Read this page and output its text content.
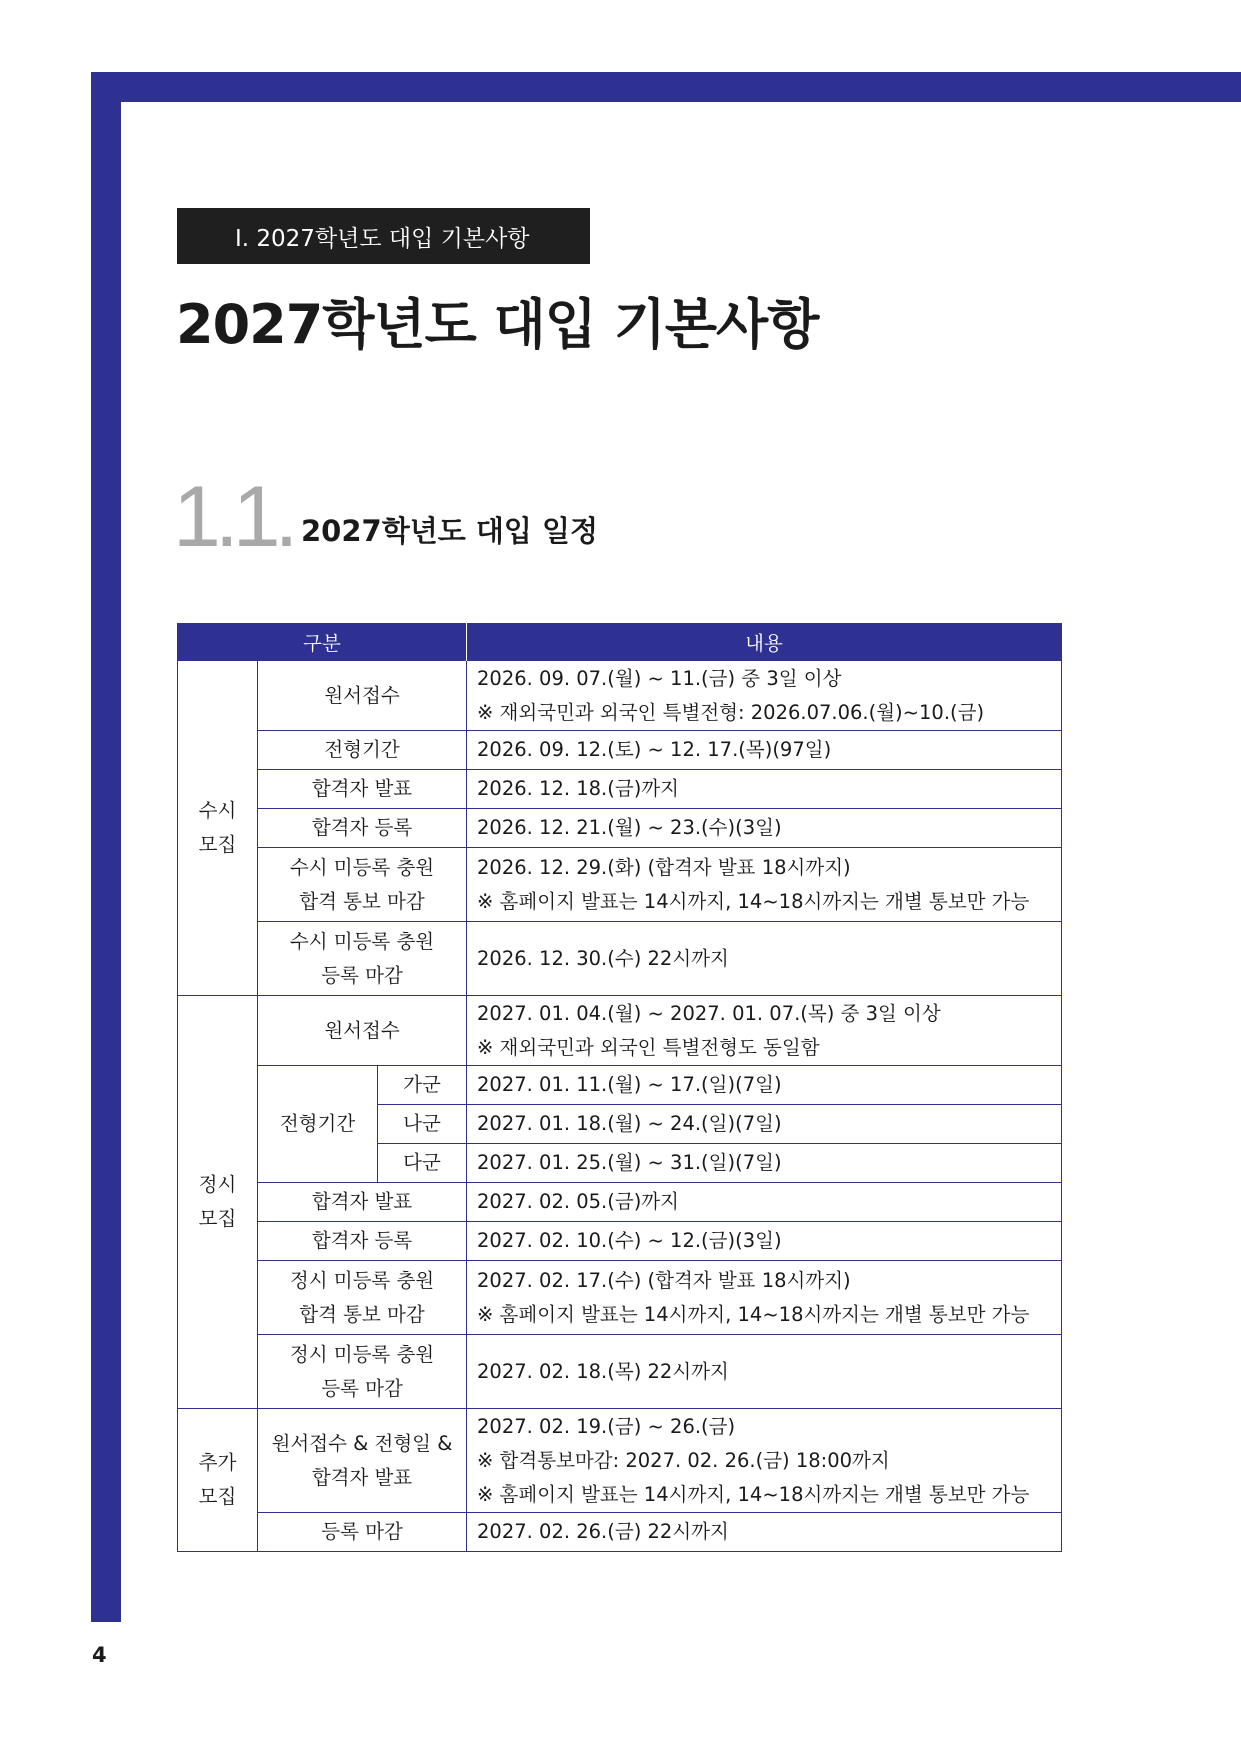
Ⅰ. 2027학년도 대입 기본사항
2027학년도 대입 기본사항
1.1. 2027학년도 대입 일정
구분			내용

수시
모집	원서접수		2026. 09. 07.(월) ~ 11.(금) 중 3일 이상
※ 재외국민과 외국인 특별전형: 2026.07.06.(월)~10.(금)

	전형기간		2026. 09. 12.(토) ~ 12. 17.(목)(97일)
	합격자 발표		2026. 12. 18.(금)까지
	합격자 등록		2026. 12. 21.(월) ~ 23.(수)(3일)

	수시 미등록 충원
합격 통보 마감		2026. 12. 29.(화) (합격자 발표 18시까지)
※ 홈페이지 발표는 14시까지, 14~18시까지는 개별 통보만 가능

	수시 미등록 충원
등록 마감		2026. 12. 30.(수) 22시까지

정시
모집	원서접수		2027. 01. 04.(월) ~ 2027. 01. 07.(목) 중 3일 이상
※ 재외국민과 외국인 특별전형도 동일함

	전형기간	가군	2027. 01. 11.(월) ~ 17.(일)(7일)
		나군	2027. 01. 18.(월) ~ 24.(일)(7일)
		다군	2027. 01. 25.(월) ~ 31.(일)(7일)
	합격자 발표		2027. 02. 05.(금)까지
	합격자 등록		2027. 02. 10.(수) ~ 12.(금)(3일)

	정시 미등록 충원
합격 통보 마감		2027. 02. 17.(수) (합격자 발표 18시까지)
※ 홈페이지 발표는 14시까지, 14~18시까지는 개별 통보만 가능

	정시 미등록 충원
등록 마감		2027. 02. 18.(목) 22시까지

추가
모집	원서접수 & 전형일 &
합격자 발표		2027. 02. 19.(금) ~ 26.(금)
※ 합격통보마감: 2027. 02. 26.(금) 18:00까지
※ 홈페이지 발표는 14시까지, 14~18시까지는 개별 통보만 가능

	등록 마감		2027. 02. 26.(금) 22시까지
4
